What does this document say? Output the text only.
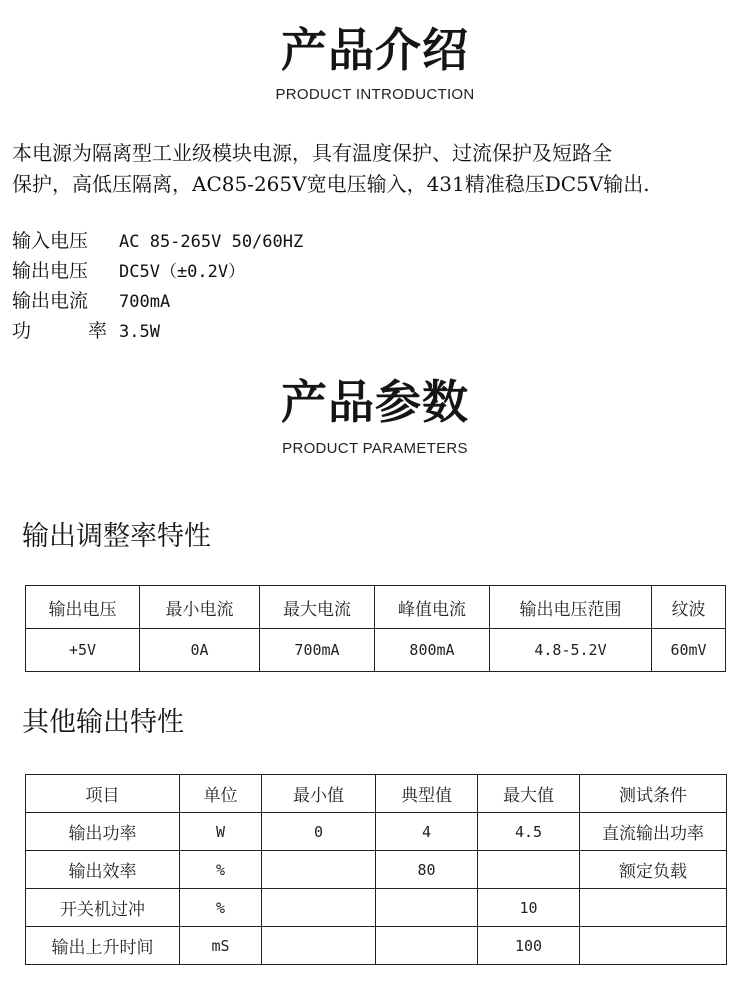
产品介绍
PRODUCT INTRODUCTION
本电源为隔离型工业级模块电源，具有温度保护、过流保护及短路全
保护，高低压隔离，AC85-265V宽电压输入，431精准稳压DC5V输出.
输入电压 AC 85-265V 50/60HZ
输出电压 DC5V（±0.2V）
输出电流 700mA
功率 3.5W
产品参数
PRODUCT PARAMETERS
输出调整率特性
输出电压	最小电流	最大电流	峰值电流	输出电压范围	纹波
+5V	0A	700mA	800mA	4.8-5.2V	60mV
其他输出特性
项目	单位	最小值	典型值	最大值	测试条件
输出功率	W	0	4	4.5	直流输出功率
输出效率	%		80		额定负载
开关机过冲	%			10	
输出上升时间	mS			100	
